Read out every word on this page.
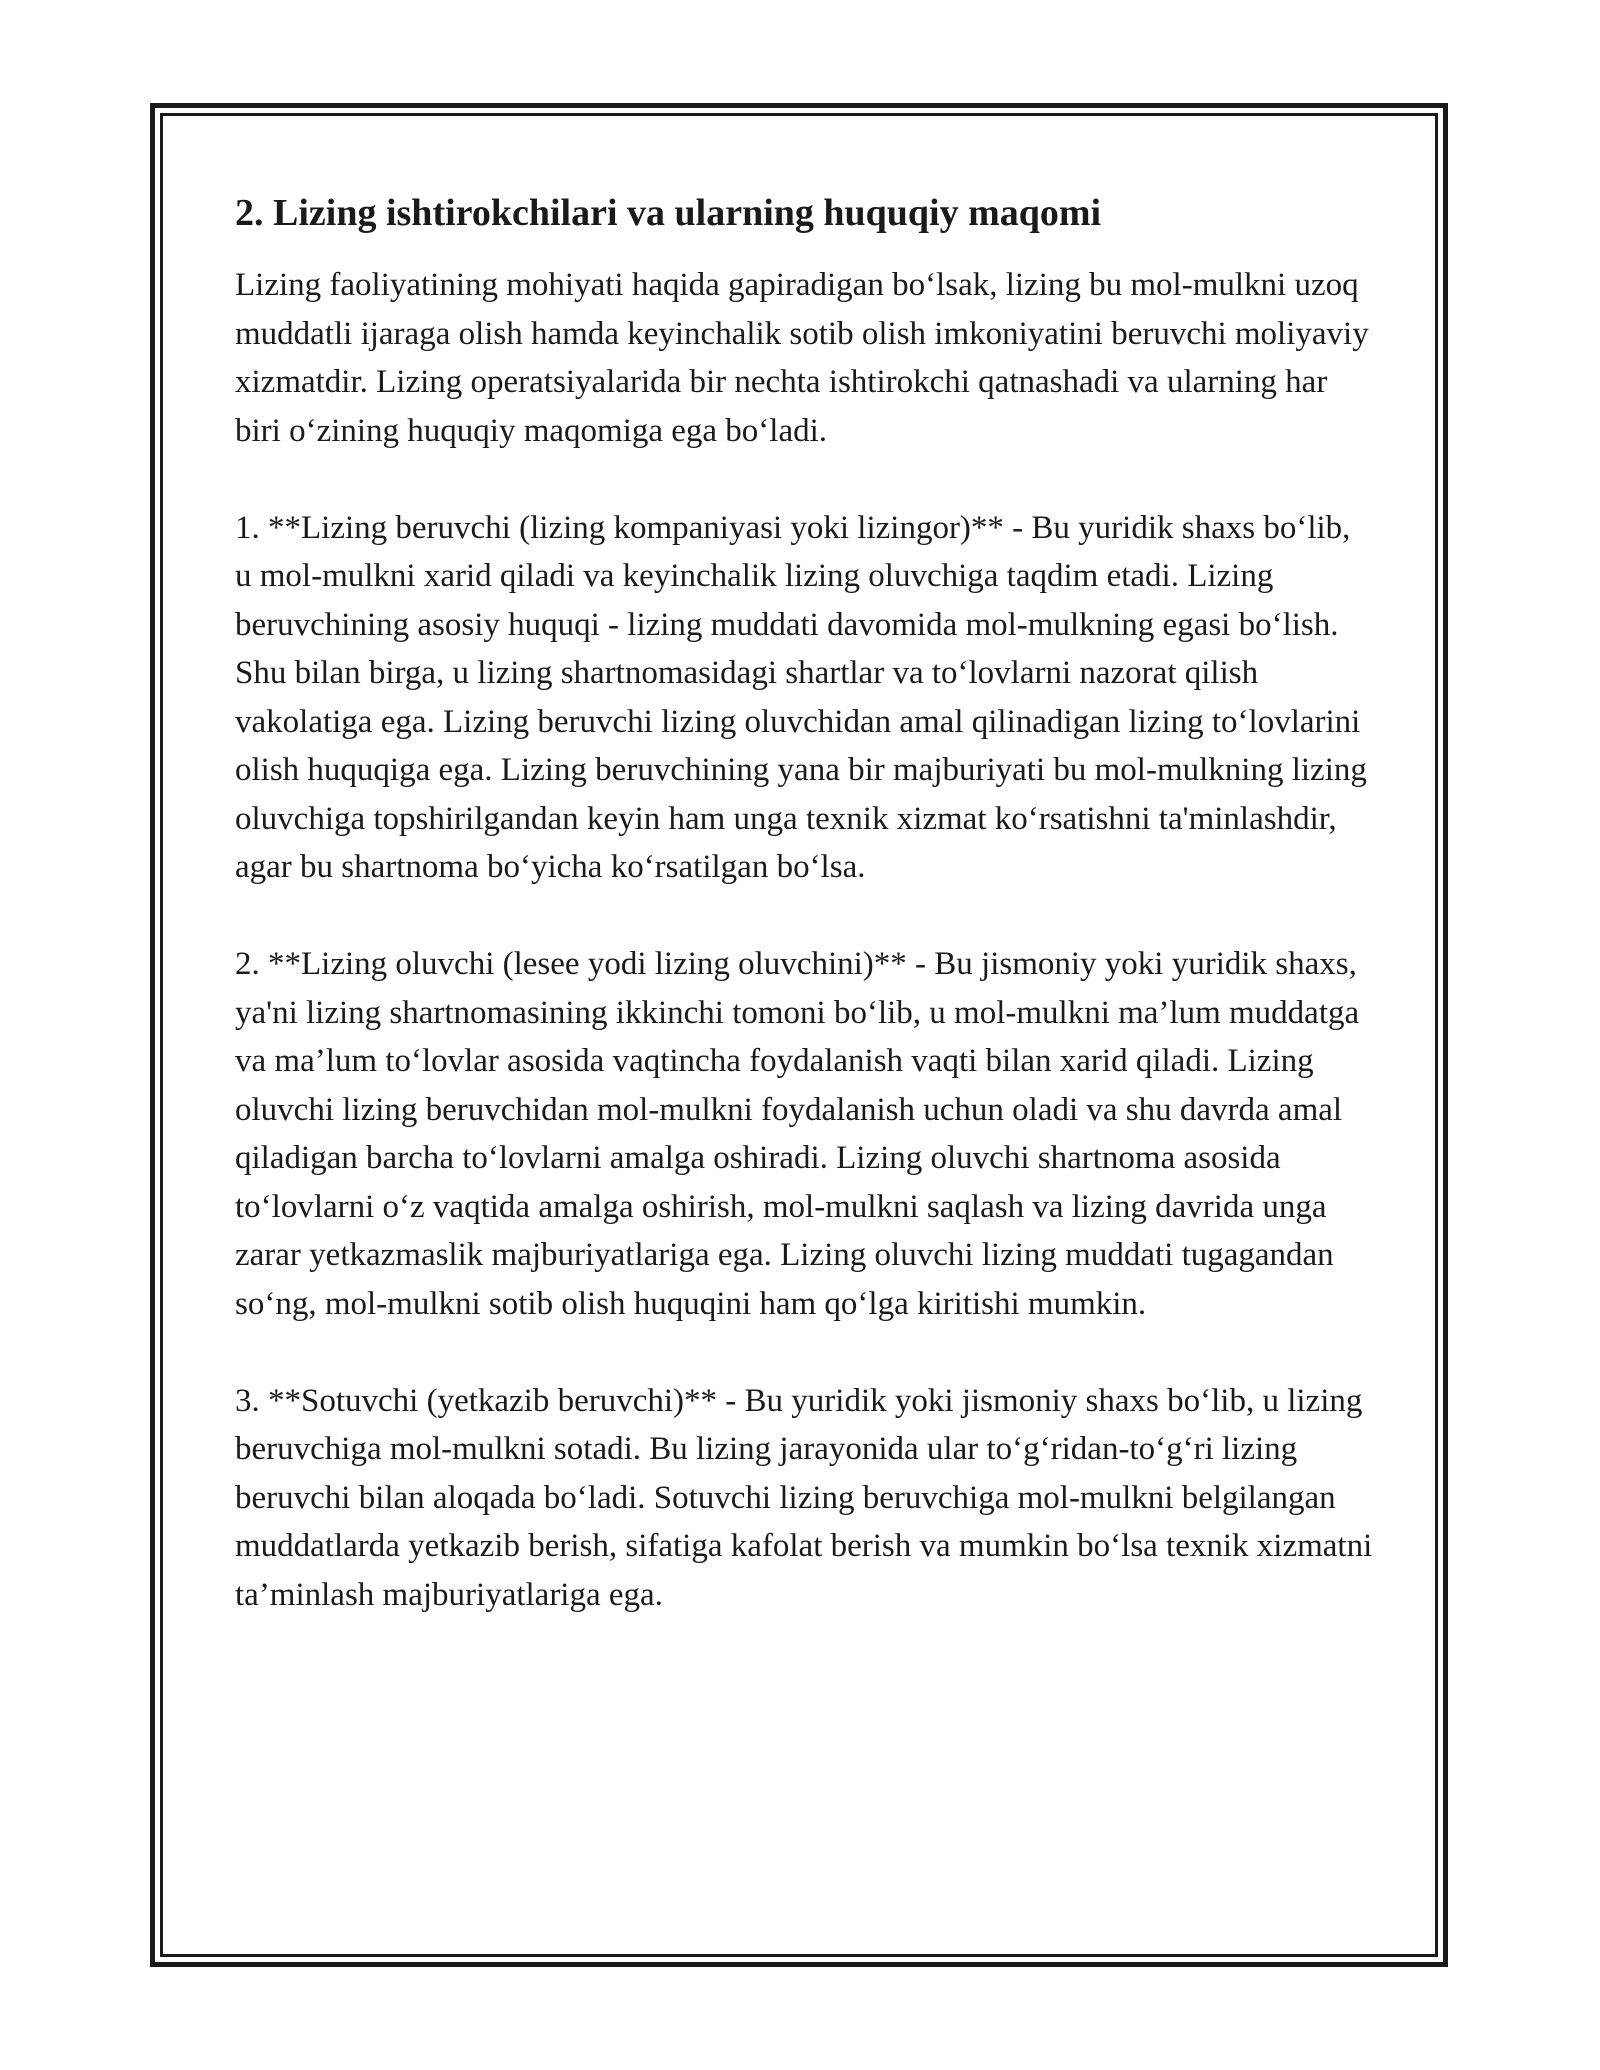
2. Lizing ishtirokchilari va ularning huquqiy maqomi

Lizing faoliyatining mohiyati haqida gapiradigan bo‘lsak, lizing bu mol-mulkni uzoq muddatli ijaraga olish hamda keyinchalik sotib olish imkoniyatini beruvchi moliyaviy xizmatdir. Lizing operatsiyalarida bir nechta ishtirokchi qatnashadi va ularning har biri o‘zining huquqiy maqomiga ega bo‘ladi.

1. **Lizing beruvchi (lizing kompaniyasi yoki lizingor)** - Bu yuridik shaxs bo‘lib, u mol-mulkni xarid qiladi va keyinchalik lizing oluvchiga taqdim etadi. Lizing beruvchining asosiy huquqi - lizing muddati davomida mol-mulkning egasi bo‘lish. Shu bilan birga, u lizing shartnomasidagi shartlar va to‘lovlarni nazorat qilish vakolatiga ega. Lizing beruvchi lizing oluvchidan amal qilinadigan lizing to‘lovlarini olish huquqiga ega. Lizing beruvchining yana bir majburiyati bu mol-mulkning lizing oluvchiga topshirilgandan keyin ham unga texnik xizmat ko‘rsatishni ta'minlashdir, agar bu shartnoma bo‘yicha ko‘rsatilgan bo‘lsa.

2. **Lizing oluvchi (lesee yodi lizing oluvchini)** - Bu jismoniy yoki yuridik shaxs, ya'ni lizing shartnomasining ikkinchi tomoni bo‘lib, u mol-mulkni ma’lum muddatga va ma’lum to‘lovlar asosida vaqtincha foydalanish vaqti bilan xarid qiladi. Lizing oluvchi lizing beruvchidan mol-mulkni foydalanish uchun oladi va shu davrda amal qiladigan barcha to‘lovlarni amalga oshiradi. Lizing oluvchi shartnoma asosida to‘lovlarni o‘z vaqtida amalga oshirish, mol-mulkni saqlash va lizing davrida unga zarar yetkazmaslik majburiyatlariga ega. Lizing oluvchi lizing muddati tugagandan so‘ng, mol-mulkni sotib olish huquqini ham qo‘lga kiritishi mumkin.

3. **Sotuvchi (yetkazib beruvchi)** - Bu yuridik yoki jismoniy shaxs bo‘lib, u lizing beruvchiga mol-mulkni sotadi. Bu lizing jarayonida ular to‘g‘ridan-to‘g‘ri lizing beruvchi bilan aloqada bo‘ladi. Sotuvchi lizing beruvchiga mol-mulkni belgilangan muddatlarda yetkazib berish, sifatiga kafolat berish va mumkin bo‘lsa texnik xizmatni ta’minlash majburiyatlariga ega.
